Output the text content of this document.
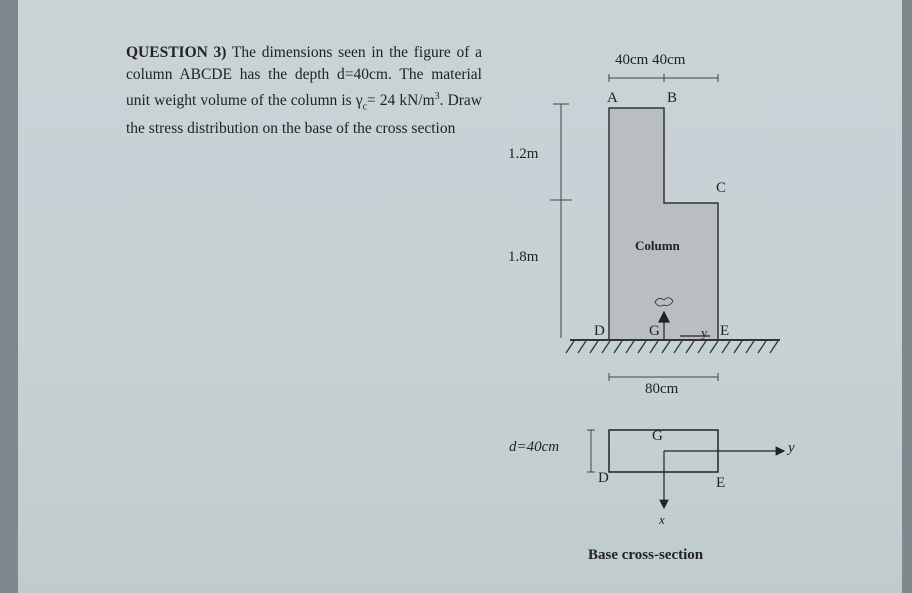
QUESTION 3) The dimensions seen in the figure of a column ABCDE has the depth d=40cm. The material unit weight volume of the column is $\gamma_c= 24$ $kN/m^3$. Draw the stress distribution on the base of the cross section
40cm 40cm
A	B
C
D	G	y E
1.2m
1.8m
Column
80cm
d=40cm
G
D	E
y
x
Base cross-section
